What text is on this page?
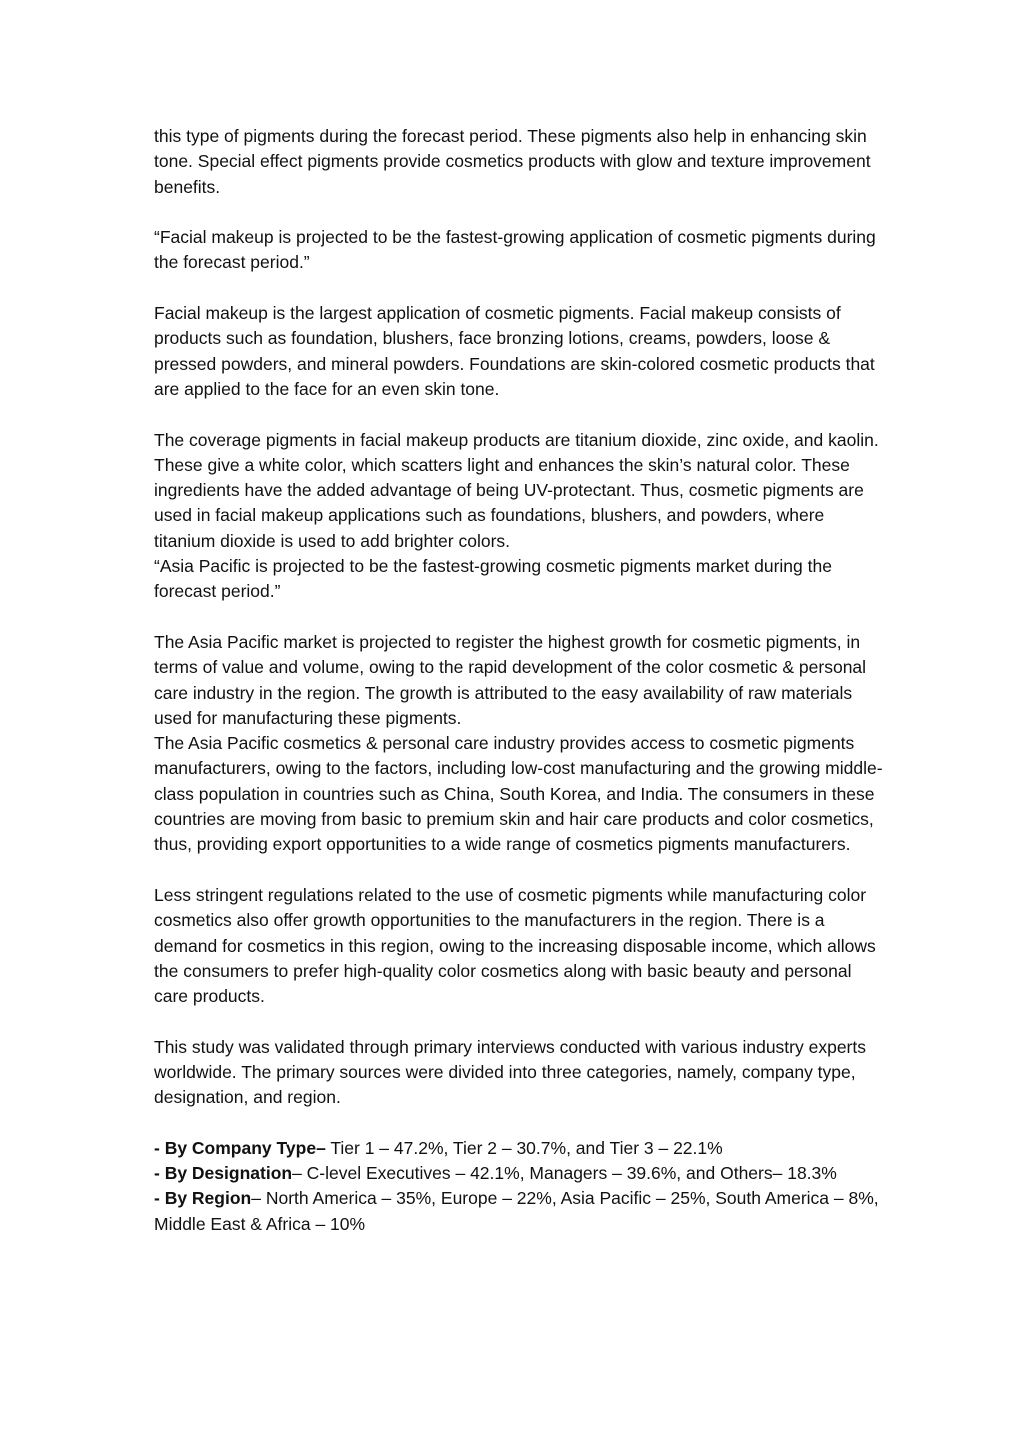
this type of pigments during the forecast period. These pigments also help in enhancing skin tone. Special effect pigments provide cosmetics products with glow and texture improvement benefits.

“Facial makeup is projected to be the fastest-growing application of cosmetic pigments during the forecast period.”

Facial makeup is the largest application of cosmetic pigments. Facial makeup consists of products such as foundation, blushers, face bronzing lotions, creams, powders, loose & pressed powders, and mineral powders. Foundations are skin-colored cosmetic products that are applied to the face for an even skin tone.

The coverage pigments in facial makeup products are titanium dioxide, zinc oxide, and kaolin. These give a white color, which scatters light and enhances the skin’s natural color. These ingredients have the added advantage of being UV-protectant. Thus, cosmetic pigments are used in facial makeup applications such as foundations, blushers, and powders, where titanium dioxide is used to add brighter colors.

“Asia Pacific is projected to be the fastest-growing cosmetic pigments market during the forecast period.”

The Asia Pacific market is projected to register the highest growth for cosmetic pigments, in terms of value and volume, owing to the rapid development of the color cosmetic & personal care industry in the region. The growth is attributed to the easy availability of raw materials used for manufacturing these pigments.

The Asia Pacific cosmetics & personal care industry provides access to cosmetic pigments manufacturers, owing to the factors, including low-cost manufacturing and the growing middle-class population in countries such as China, South Korea, and India. The consumers in these countries are moving from basic to premium skin and hair care products and color cosmetics, thus, providing export opportunities to a wide range of cosmetics pigments manufacturers.

Less stringent regulations related to the use of cosmetic pigments while manufacturing color cosmetics also offer growth opportunities to the manufacturers in the region. There is a demand for cosmetics in this region, owing to the increasing disposable income, which allows the consumers to prefer high-quality color cosmetics along with basic beauty and personal care products.

This study was validated through primary interviews conducted with various industry experts worldwide. The primary sources were divided into three categories, namely, company type, designation, and region.

- By Company Type– Tier 1 – 47.2%, Tier 2 – 30.7%, and Tier 3 – 22.1%

- By Designation– C-level Executives – 42.1%, Managers – 39.6%, and Others– 18.3%

- By Region– North America – 35%, Europe – 22%, Asia Pacific – 25%, South America – 8%, Middle East & Africa – 10%
